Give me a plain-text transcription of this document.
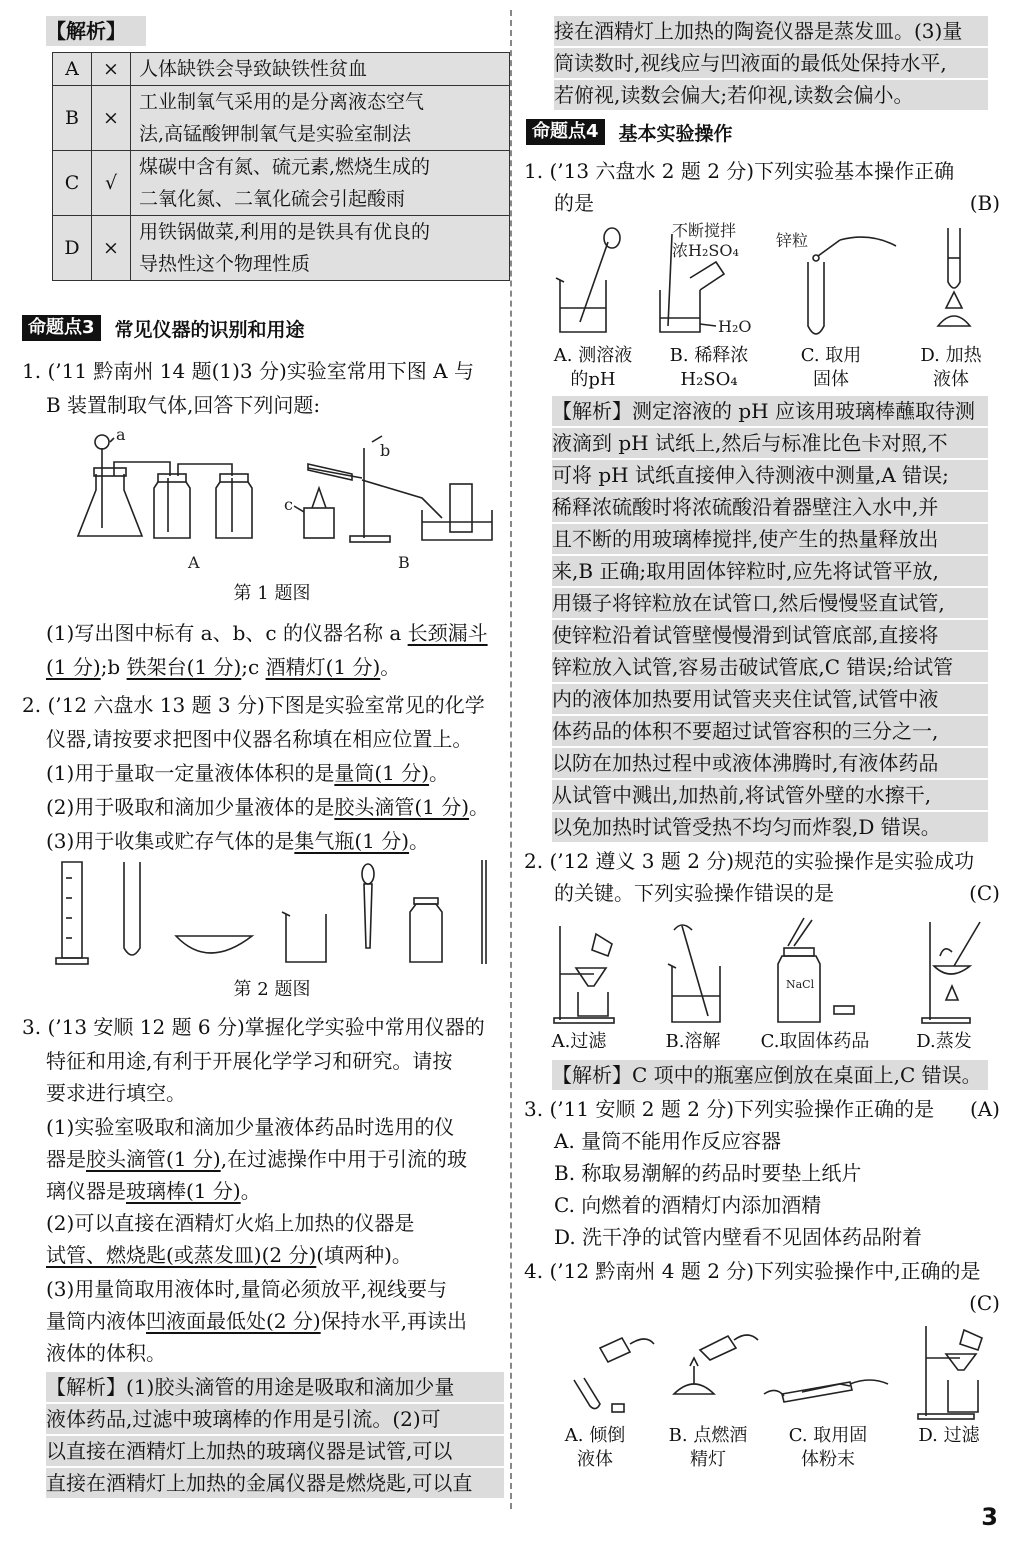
【解析】
A	×	人体缺铁会导致缺铁性贫血
B	×	工业制氧气采用的是分离液态空气
法,高锰酸钾制氧气是实验室制法
C	√	煤碳中含有氮、硫元素,燃烧生成的
二氧化氮、二氧化硫会引起酸雨
D	×	用铁锅做菜,利用的是铁具有优良的
导热性这个物理性质
命题点3	常见仪器的识别和用途
1. (’11 黔南州 14 题(1)3 分)实验室常用下图 A 与
B 装置制取气体,回答下列问题:
a
A
b
c
B
第 1 题图
(1)写出图中标有 a、b、c 的仪器名称 a 长颈漏斗
(1 分);b 铁架台(1 分);c 酒精灯(1 分)。
2. (’12 六盘水 13 题 3 分)下图是实验室常见的化学
仪器,请按要求把图中仪器名称填在相应位置上。
(1)用于量取一定量液体体积的是量筒(1 分)。
(2)用于吸取和滴加少量液体的是胶头滴管(1 分)。
(3)用于收集或贮存气体的是集气瓶(1 分)。
第 2 题图
3. (’13 安顺 12 题 6 分)掌握化学实验中常用仪器的
特征和用途,有利于开展化学学习和研究。请按
要求进行填空。
(1)实验室吸取和滴加少量液体药品时选用的仪
器是胶头滴管(1 分),在过滤操作中用于引流的玻
璃仪器是玻璃棒(1 分)。
(2)可以直接在酒精灯火焰上加热的仪器是
试管、燃烧匙(或蒸发皿)(2 分)(填两种)。
(3)用量筒取用液体时,量筒必须放平,视线要与
量筒内液体凹液面最低处(2 分)保持水平,再读出
液体的体积。
【解析】(1)胶头滴管的用途是吸取和滴加少量
液体药品,过滤中玻璃棒的作用是引流。(2)可
以直接在酒精灯上加热的玻璃仪器是试管,可以
直接在酒精灯上加热的金属仪器是燃烧匙,可以直
接在酒精灯上加热的陶瓷仪器是蒸发皿。(3)量
筒读数时,视线应与凹液面的最低处保持水平,
若俯视,读数会偏大;若仰视,读数会偏小。
命题点4	基本实验操作
1. (’13 六盘水 2 题 2 分)下列实验基本操作正确
的是	(B)
不断搅拌
浓H₂SO₄
H₂O
锌粒
A. 测溶液
的pH
B. 稀释浓
H₂SO₄
C. 取用
固体
D. 加热
液体
【解析】测定溶液的 pH 应该用玻璃棒蘸取待测
液滴到 pH 试纸上,然后与标准比色卡对照,不
可将 pH 试纸直接伸入待测液中测量,A 错误;
稀释浓硫酸时将浓硫酸沿着器壁注入水中,并
且不断的用玻璃棒搅拌,使产生的热量释放出
来,B 正确;取用固体锌粒时,应先将试管平放,
用镊子将锌粒放在试管口,然后慢慢竖直试管,
使锌粒沿着试管壁慢慢滑到试管底部,直接将
锌粒放入试管,容易击破试管底,C 错误;给试管
内的液体加热要用试管夹夹住试管,试管中液
体药品的体积不要超过试管容积的三分之一,
以防在加热过程中或液体沸腾时,有液体药品
从试管中溅出,加热前,将试管外壁的水擦干,
以免加热时试管受热不均匀而炸裂,D 错误。
2. (’12 遵义 3 题 2 分)规范的实验操作是实验成功
的关键。下列实验操作错误的是	(C)
NaCl
A.过滤	B.溶解	C.取固体药品	D.蒸发
【解析】C 项中的瓶塞应倒放在桌面上,C 错误。
3. (’11 安顺 2 题 2 分)下列实验操作正确的是 (A)
A. 量筒不能用作反应容器
B. 称取易潮解的药品时要垫上纸片
C. 向燃着的酒精灯内添加酒精
D. 洗干净的试管内壁看不见固体药品附着
4. (’12 黔南州 4 题 2 分)下列实验操作中,正确的是
(C)
A. 倾倒
液体
B. 点燃酒
精灯
C. 取用固
体粉末
D. 过滤
3
